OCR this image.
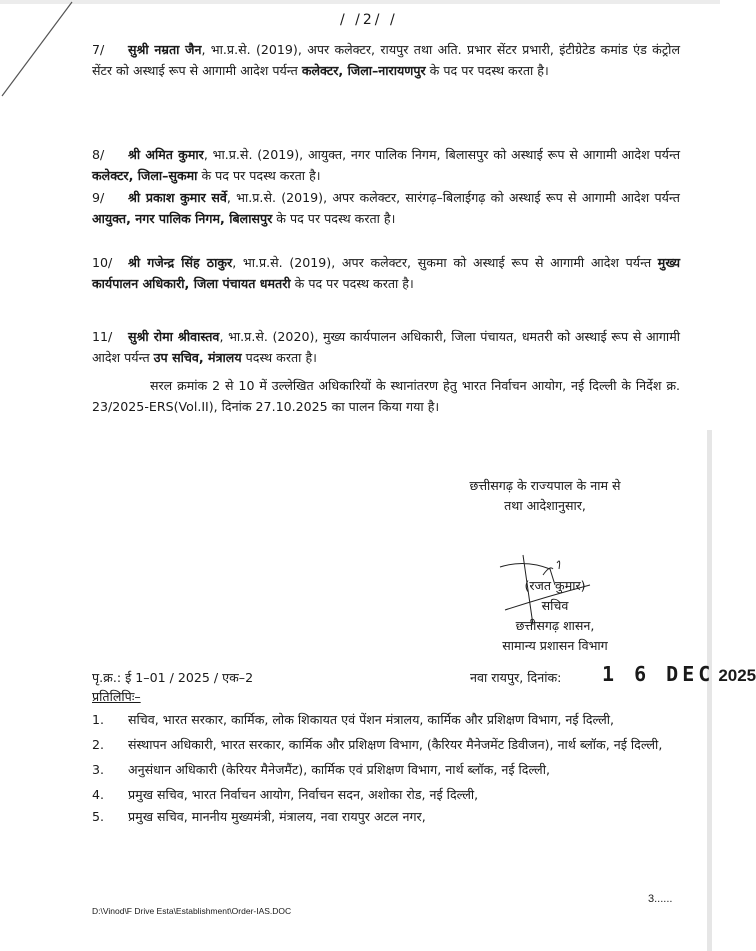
/ /2/ /
7/ सुश्री नम्रता जैन, भा.प्र.से. (2019), अपर कलेक्टर, रायपुर तथा अति. प्रभार सेंटर प्रभारी, इंटीग्रेटेड कमांड एंड कंट्रोल सेंटर को अस्थाई रूप से आगामी आदेश पर्यन्त कलेक्टर, जिला–नारायणपुर के पद पर पदस्थ करता है।
8/ श्री अमित कुमार, भा.प्र.से. (2019), आयुक्त, नगर पालिक निगम, बिलासपुर को अस्थाई रूप से आगामी आदेश पर्यन्त कलेक्टर, जिला–सुकमा के पद पर पदस्थ करता है।
9/ श्री प्रकाश कुमार सर्वे, भा.प्र.से. (2019), अपर कलेक्टर, सारंगढ़–बिलाईगढ़ को अस्थाई रूप से आगामी आदेश पर्यन्त आयुक्त, नगर पालिक निगम, बिलासपुर के पद पर पदस्थ करता है।
10/ श्री गजेन्द्र सिंह ठाकुर, भा.प्र.से. (2019), अपर कलेक्टर, सुकमा को अस्थाई रूप से आगामी आदेश पर्यन्त मुख्य कार्यपालन अधिकारी, जिला पंचायत धमतरी के पद पर पदस्थ करता है।
11/ सुश्री रोमा श्रीवास्तव, भा.प्र.से. (2020), मुख्य कार्यपालन अधिकारी, जिला पंचायत, धमतरी को अस्थाई रूप से आगामी आदेश पर्यन्त उप सचिव, मंत्रालय पदस्थ करता है।
सरल क्रमांक 2 से 10 में उल्लेखित अधिकारियों के स्थानांतरण हेतु भारत निर्वाचन आयोग, नई दिल्ली के निर्देश क्र. 23/2025-ERS(Vol.II), दिनांक 27.10.2025 का पालन किया गया है।
छत्तीसगढ़ के राज्यपाल के नाम से
तथा आदेशानुसार,
(रजत कुमार)
सचिव
छत्तीसगढ़ शासन,
सामान्य प्रशासन विभाग
पृ.क्र.: ई 1–01 / 2025 / एक–2	नवा रायपुर, दिनांक: 1 6 DEC 2025
प्रतिलिपिः–
1.	सचिव, भारत सरकार, कार्मिक, लोक शिकायत एवं पेंशन मंत्रालय, कार्मिक और प्रशिक्षण विभाग, नई दिल्ली,
2.	संस्थापन अधिकारी, भारत सरकार, कार्मिक और प्रशिक्षण विभाग, (कैरियर मैनेजमेंट डिवीजन), नार्थ ब्लॉक, नई दिल्ली,
3.	अनुसंधान अधिकारी (केरियर मैनेजमैंट), कार्मिक एवं प्रशिक्षण विभाग, नार्थ ब्लॉक, नई दिल्ली,
4.	प्रमुख सचिव, भारत निर्वाचन आयोग, निर्वाचन सदन, अशोका रोड, नई दिल्ली,
5.	प्रमुख सचिव, माननीय मुख्यमंत्री, मंत्रालय, नवा रायपुर अटल नगर,
3......
D:\Vinod\F Drive Esta\Establishment\Order-IAS.DOC
